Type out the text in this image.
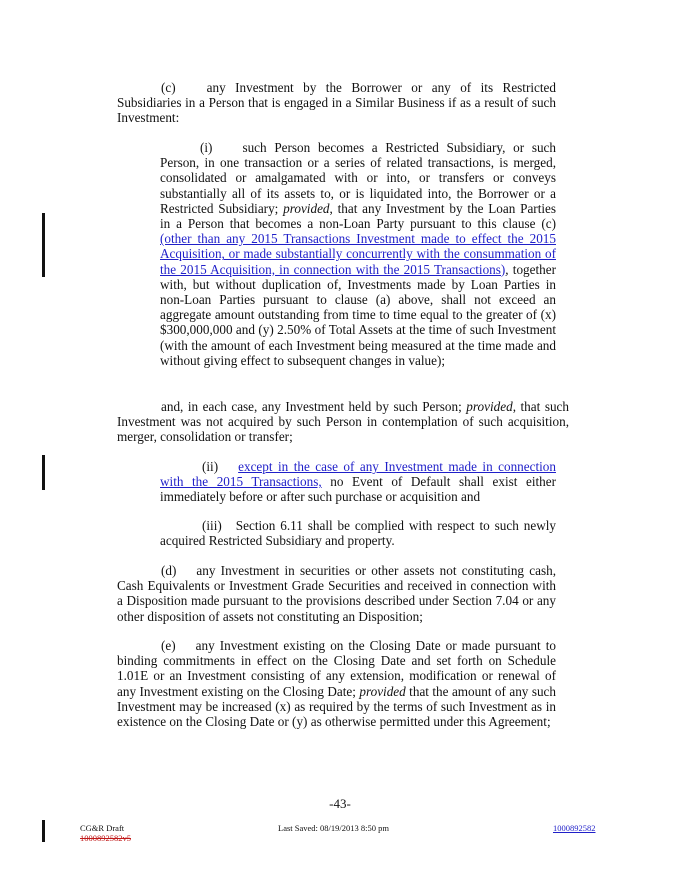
(c) any Investment by the Borrower or any of its Restricted Subsidiaries in a Person that is engaged in a Similar Business if as a result of such Investment:

(i) such Person becomes a Restricted Subsidiary, or such Person, in one transaction or a series of related transactions, is merged, consolidated or amalgamated with or into, or transfers or conveys substantially all of its assets to, or is liquidated into, the Borrower or a Restricted Subsidiary; provided, that any Investment by the Loan Parties in a Person that becomes a non-Loan Party pursuant to this clause (c) (other than any 2015 Transactions Investment made to effect the 2015 Acquisition, or made substantially concurrently with the consummation of the 2015 Acquisition, in connection with the 2015 Transactions), together with, but without duplication of, Investments made by Loan Parties in non-Loan Parties pursuant to clause (a) above, shall not exceed an aggregate amount outstanding from time to time equal to the greater of (x) $300,000,000 and (y) 2.50% of Total Assets at the time of such Investment (with the amount of each Investment being measured at the time made and without giving effect to subsequent changes in value);

and, in each case, any Investment held by such Person; provided, that such Investment was not acquired by such Person in contemplation of such acquisition, merger, consolidation or transfer;

(ii) except in the case of any Investment made in connection with the 2015 Transactions, no Event of Default shall exist either immediately before or after such purchase or acquisition and

(iii) Section 6.11 shall be complied with respect to such newly acquired Restricted Subsidiary and property.

(d) any Investment in securities or other assets not constituting cash, Cash Equivalents or Investment Grade Securities and received in connection with a Disposition made pursuant to the provisions described under Section 7.04 or any other disposition of assets not constituting an Disposition;

(e) any Investment existing on the Closing Date or made pursuant to binding commitments in effect on the Closing Date and set forth on Schedule 1.01E or an Investment consisting of any extension, modification or renewal of any Investment existing on the Closing Date; provided that the amount of any such Investment may be increased (x) as required by the terms of such Investment as in existence on the Closing Date or (y) as otherwise permitted under this Agreement;

-43-
CG&R Draft
1000892582v5
Last Saved: 08/19/2013 8:50 pm	1000892582
